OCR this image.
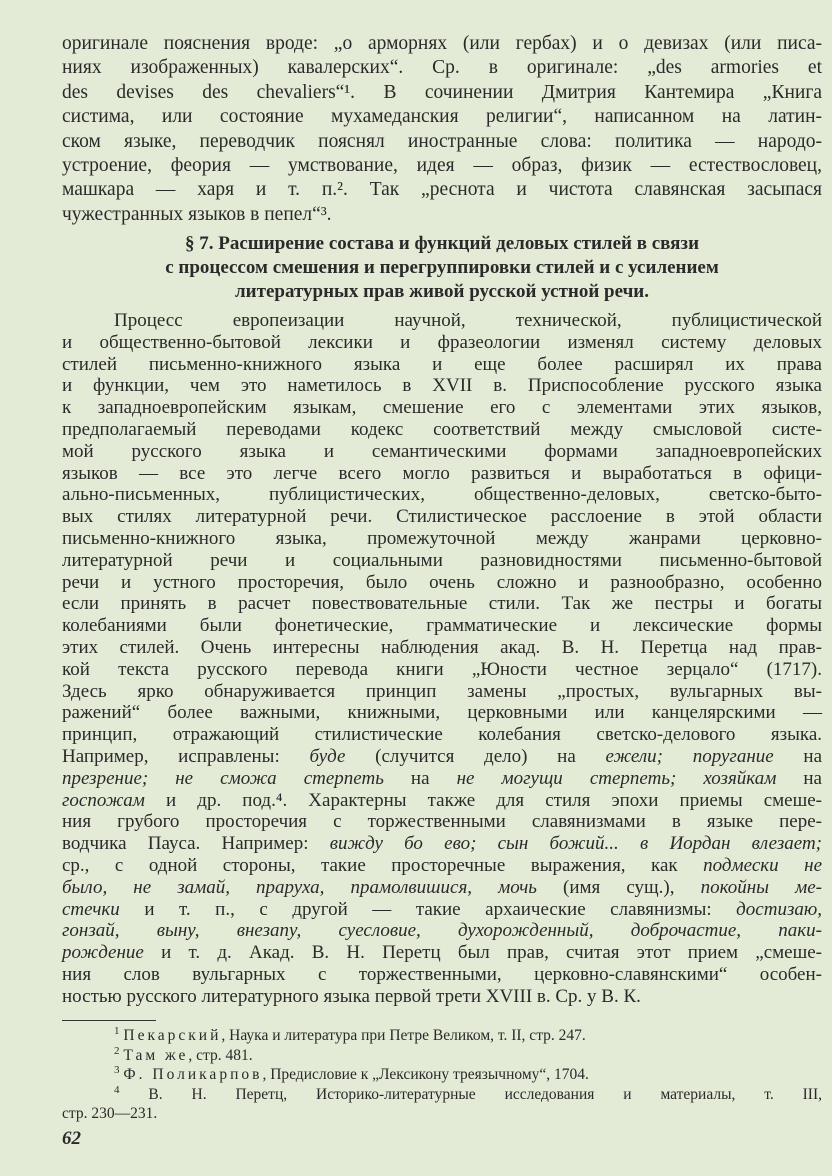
оригинале пояснения вроде: „о арморнях (или гербах) и о девизах (или писа-
ниях изображенных) кавалерских“. Ср. в оригинале: „des armories et
des devises des chevaliers“¹. В сочинении Дмитрия Кантемира „Книга
систима, или состояние мухамеданския религии“, написанном на латин-
ском языке, переводчик пояснял иностранные слова: политика — народо-
устроение, феория — умствование, идея — образ, физик — естествословец,
машкара — харя и т. п.². Так „реснота и чистота славянская засыпася
чужестранных языков в пепел“³.
§ 7. Расширение состава и функций деловых стилей в связи
с процессом смешения и перегруппировки стилей и с усилением
литературных прав живой русской устной речи.
Процесс европеизации научной, технической, публицистической
и общественно-бытовой лексики и фразеологии изменял систему деловых
стилей письменно-книжного языка и еще более расширял их права
и функции, чем это наметилось в XVII в. Приспособление русского языка
к западноевропейским языкам, смешение его с элементами этих языков,
предполагаемый переводами кодекс соответствий между смысловой систе-
мой русского языка и семантическими формами западноевропейских
языков — все это легче всего могло развиться и выработаться в офици-
ально-письменных, публицистических, общественно-деловых, светско-быто-
вых стилях литературной речи. Стилистическое расслоение в этой области
письменно-книжного языка, промежуточной между жанрами церковно-
литературной речи и социальными разновидностями письменно-бытовой
речи и устного просторечия, было очень сложно и разнообразно, особенно
если принять в расчет повествовательные стили. Так же пестры и богаты
колебаниями были фонетические, грамматические и лексические формы
этих стилей. Очень интересны наблюдения акад. В. Н. Перетца над прав-
кой текста русского перевода книги „Юности честное зерцало“ (1717).
Здесь ярко обнаруживается принцип замены „простых, вульгарных вы-
ражений“ более важными, книжными, церковными или канцелярскими —
принцип, отражающий стилистические колебания светско-делового языка.
Например, исправлены: буде (случится дело) на ежели; поругание на
презрение; не сможа стерпеть на не могущи стерпеть; хозяйкам на
госпожам и др. под.⁴. Характерны также для стиля эпохи приемы смеше-
ния грубого просторечия с торжественными славянизмами в языке пере-
водчика Пауса. Например: вижду бо ево; сын божий... в Иордан влезает;
ср., с одной стороны, такие просторечные выражения, как подмески не
было, не замай, праруха, прамолвишися, мочь (имя сущ.), покойны ме-
стечки и т. п., с другой — такие архаические славянизмы: достизаю,
гонзай, выну, внезапу, суесловие, духорожденный, доброчастие, паки-
рождение и т. д. Акад. В. Н. Перетц был прав, считая этот прием „смеше-
ния слов вульгарных с торжественными, церковно-славянскими“ особен-
ностью русского литературного языка первой трети XVIII в. Ср. у В. К.
$^1$ Пекарский, Наука и литература при Петре Великом, т. II, стр. 247.
$^2$ Там же, стр. 481.
$^3$ Ф. Поликарпов, Предисловие к „Лексикону треязычному“, 1704.
$^4$ В. Н. Перетц, Историко-литературные исследования и материалы, т. III,
стр. 230—231.
62
